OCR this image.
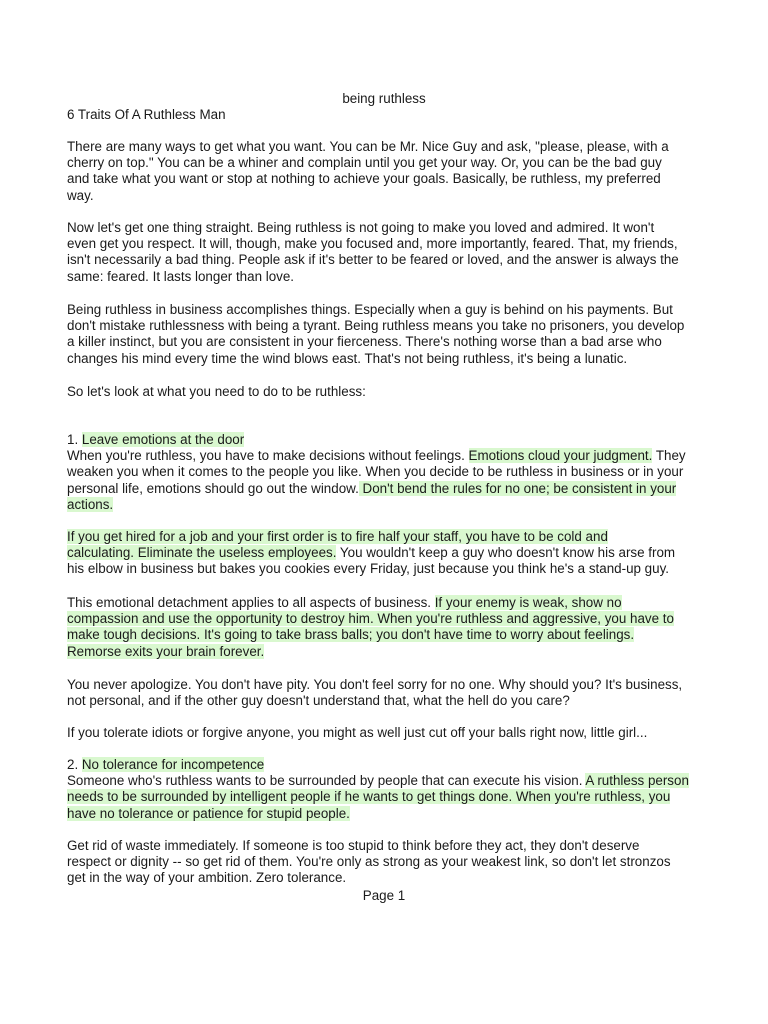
being ruthless
6 Traits Of A Ruthless Man
There are many ways to get what you want. You can be Mr. Nice Guy and ask, "please, please, with a
cherry on top." You can be a whiner and complain until you get your way. Or, you can be the bad guy
and take what you want or stop at nothing to achieve your goals. Basically, be ruthless, my preferred
way.
Now let's get one thing straight. Being ruthless is not going to make you loved and admired. It won't
even get you respect. It will, though, make you focused and, more importantly, feared. That, my friends,
isn't necessarily a bad thing. People ask if it's better to be feared or loved, and the answer is always the
same: feared. It lasts longer than love.
Being ruthless in business accomplishes things. Especially when a guy is behind on his payments. But
don't mistake ruthlessness with being a tyrant. Being ruthless means you take no prisoners, you develop
a killer instinct, but you are consistent in your fierceness. There's nothing worse than a bad arse who
changes his mind every time the wind blows east. That's not being ruthless, it's being a lunatic.
So let's look at what you need to do to be ruthless:
1. Leave emotions at the door
When you're ruthless, you have to make decisions without feelings. Emotions cloud your judgment. They
weaken you when it comes to the people you like. When you decide to be ruthless in business or in your
personal life, emotions should go out the window. Don't bend the rules for no one; be consistent in your
actions.
If you get hired for a job and your first order is to fire half your staff, you have to be cold and
calculating. Eliminate the useless employees. You wouldn't keep a guy who doesn't know his arse from
his elbow in business but bakes you cookies every Friday, just because you think he's a stand-up guy.
This emotional detachment applies to all aspects of business. If your enemy is weak, show no
compassion and use the opportunity to destroy him. When you're ruthless and aggressive, you have to
make tough decisions. It's going to take brass balls; you don't have time to worry about feelings.
Remorse exits your brain forever.
You never apologize. You don't have pity. You don't feel sorry for no one. Why should you? It's business,
not personal, and if the other guy doesn't understand that, what the hell do you care?
If you tolerate idiots or forgive anyone, you might as well just cut off your balls right now, little girl...
2. No tolerance for incompetence
Someone who's ruthless wants to be surrounded by people that can execute his vision. A ruthless person
needs to be surrounded by intelligent people if he wants to get things done. When you're ruthless, you
have no tolerance or patience for stupid people.
Get rid of waste immediately. If someone is too stupid to think before they act, they don't deserve
respect or dignity -- so get rid of them. You're only as strong as your weakest link, so don't let stronzos
get in the way of your ambition. Zero tolerance.
Page 1
